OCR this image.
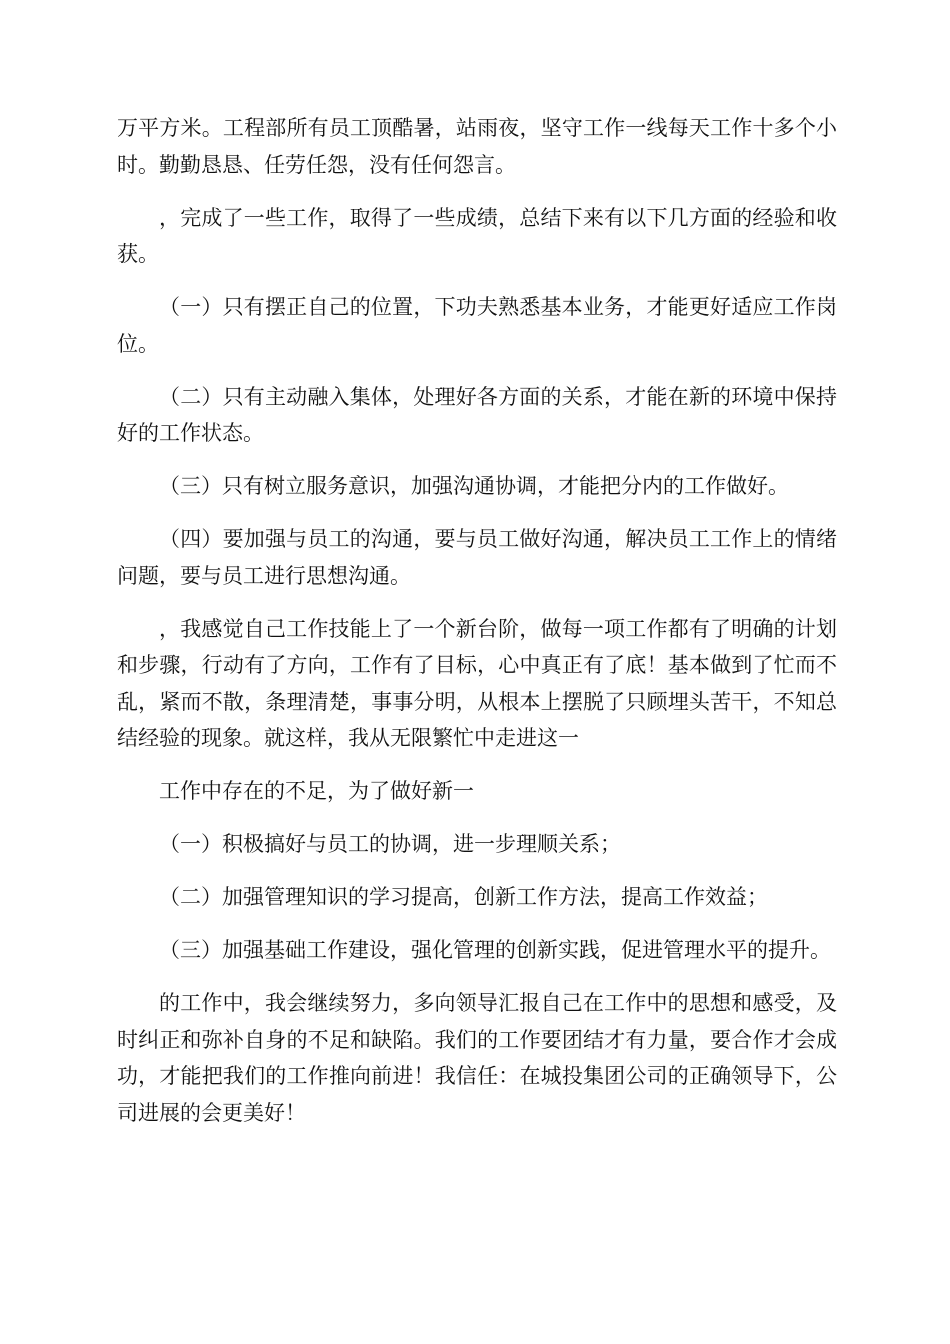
万平方米。工程部所有员工顶酷暑，站雨夜，坚守工作一线每天工作十多个小时。勤勤恳恳、任劳任怨，没有任何怨言。

，完成了一些工作，取得了一些成绩，总结下来有以下几方面的经验和收获。

（一）只有摆正自己的位置，下功夫熟悉基本业务，才能更好适应工作岗位。

（二）只有主动融入集体，处理好各方面的关系，才能在新的环境中保持好的工作状态。

（三）只有树立服务意识，加强沟通协调，才能把分内的工作做好。

（四）要加强与员工的沟通，要与员工做好沟通，解决员工工作上的情绪问题，要与员工进行思想沟通。

，我感觉自己工作技能上了一个新台阶，做每一项工作都有了明确的计划和步骤，行动有了方向，工作有了目标，心中真正有了底！基本做到了忙而不乱，紧而不散，条理清楚，事事分明，从根本上摆脱了只顾埋头苦干，不知总结经验的现象。就这样，我从无限繁忙中走进这一

工作中存在的不足，为了做好新一

（一）积极搞好与员工的协调，进一步理顺关系；

（二）加强管理知识的学习提高，创新工作方法，提高工作效益；

（三）加强基础工作建设，强化管理的创新实践，促进管理水平的提升。

的工作中，我会继续努力，多向领导汇报自己在工作中的思想和感受，及时纠正和弥补自身的不足和缺陷。我们的工作要团结才有力量，要合作才会成功，才能把我们的工作推向前进！我信任：在城投集团公司的正确领导下，公司进展的会更美好！
